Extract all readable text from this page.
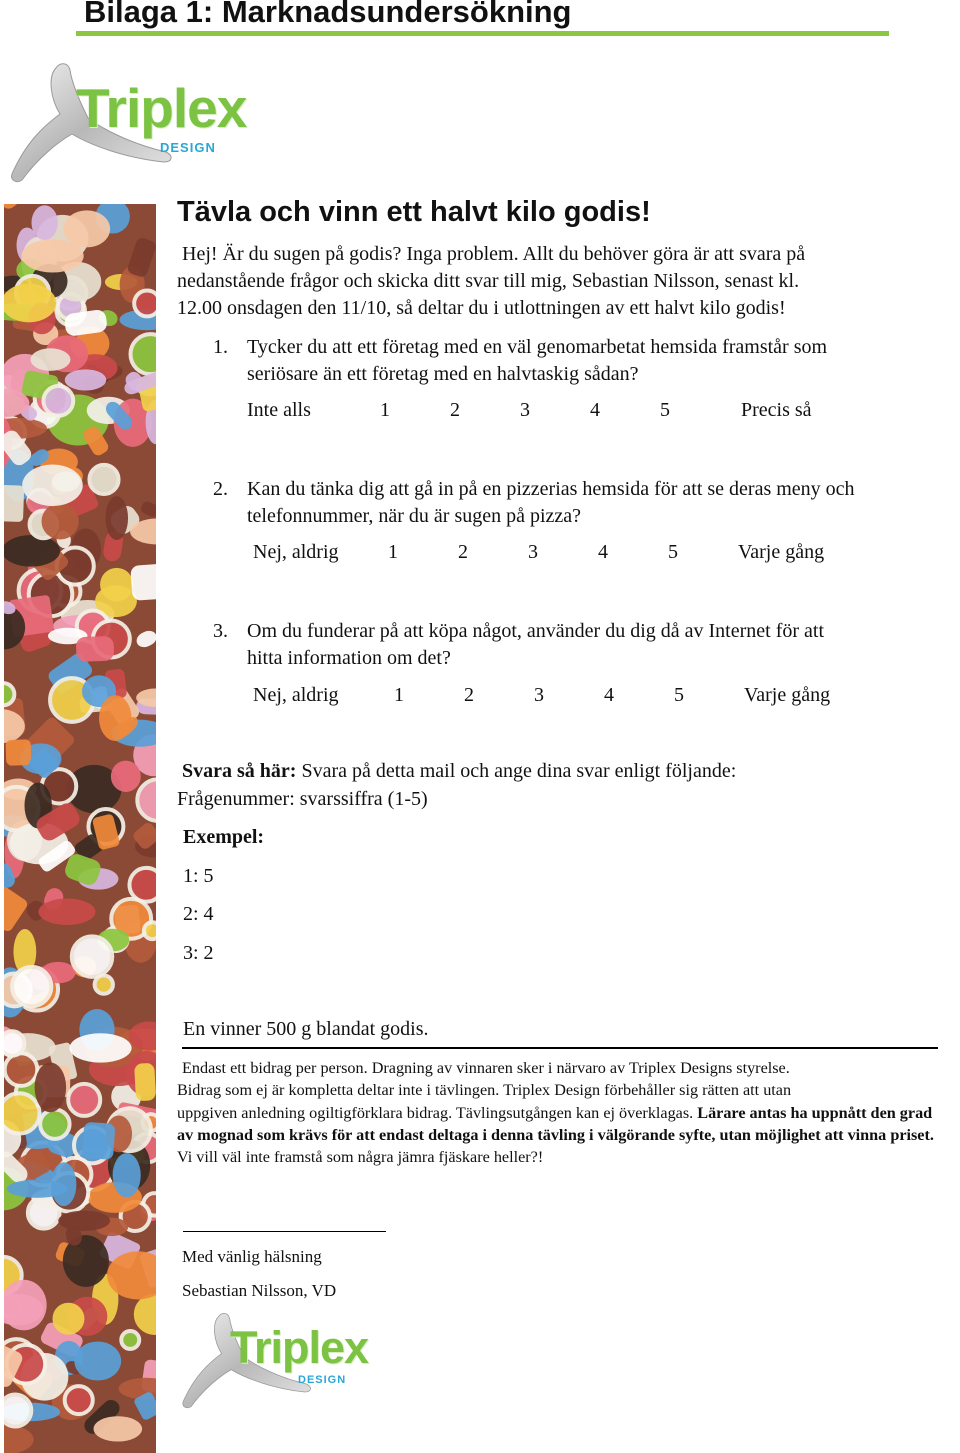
Bilaga 1: Marknadsundersökning
Triplex
DESIGN
Tävla och vinn ett halvt kilo godis!
Hej! Är du sugen på godis? Inga problem. Allt du behöver göra är att svara på
nedanstående frågor och skicka ditt svar till mig, Sebastian Nilsson, senast kl.
12.00 onsdagen den 11/10, så deltar du i utlottningen av ett halvt kilo godis!
1. Tycker du att ett företag med en väl genomarbetat hemsida framstår som
seriösare än ett företag med en halvtaskig sådan?
Inte alls	1	2	3	4	5	Precis så
2. Kan du tänka dig att gå in på en pizzerias hemsida för att se deras meny och
telefonnummer, när du är sugen på pizza?
Nej, aldrig 1	2	3	4	5	Varje gång
3. Om du funderar på att köpa något, använder du dig då av Internet för att
hitta information om det?
Nej, aldrig	1	2	3	4	5	Varje gång
Svara så här: Svara på detta mail och ange dina svar enligt följande:
Frågenummer: svarssiffra (1-5)
Exempel:
1: 5
2: 4
3: 2
En vinner 500 g blandat godis.
Endast ett bidrag per person. Dragning av vinnaren sker i närvaro av Triplex Designs styrelse.
Bidrag som ej är kompletta deltar inte i tävlingen. Triplex Design förbehåller sig rätten att utan
uppgiven anledning ogiltigförklara bidrag. Tävlingsutgången kan ej överklagas. Lärare antas ha uppnått den grad av mognad som krävs för att endast deltaga i denna tävling i välgörande syfte, utan möjlighet att vinna priset. Vi vill väl inte framstå som några jämra fjäskare heller?!
Med vänlig hälsning
Sebastian Nilsson, VD
Triplex
DESIGN
